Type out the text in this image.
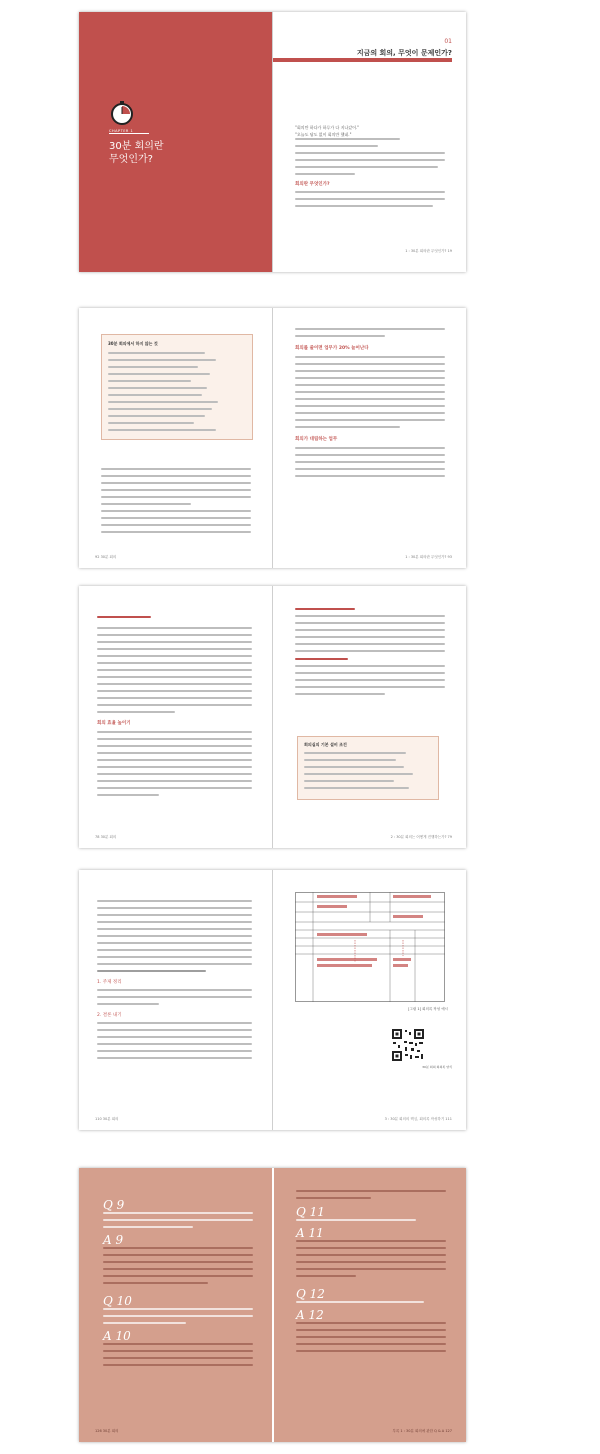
CHAPTER 1
30분 회의란
무엇인가?
01
지금의 회의, 무엇이 문제인가?
"회의만 하다가 하루가 다 지나갔어."
"오늘도 답도 없이 회의만 했네."
회의란 무엇인가?
1 : 30분 회의란 무엇인가? 19
30분 회의에서 하지 않는 것
92 30분 회의
회의를 줄이면 업무가 20% 늘어난다
회의가 대립하는 업무
1 : 30분 회의란 무엇인가? 93
회의 효율 높이기
78 30분 회의
회의실의 기본 설비 조건
2 : 30분 회의는 어떻게 진행하는가? 79
1. 주제 정리
2. 결론 내기
110 30분 회의
[그림 1] 회의록 작성 예시
30분 회의 회의록 양식
3 : 30분 회의의 핵심, 회의록 작성하기 111
Q 9
A 9
Q 10
A 10
126 30분 회의
Q 11
A 11
Q 12
A 12
부록 1 : 30분 회의에 관한 Q & A 127
